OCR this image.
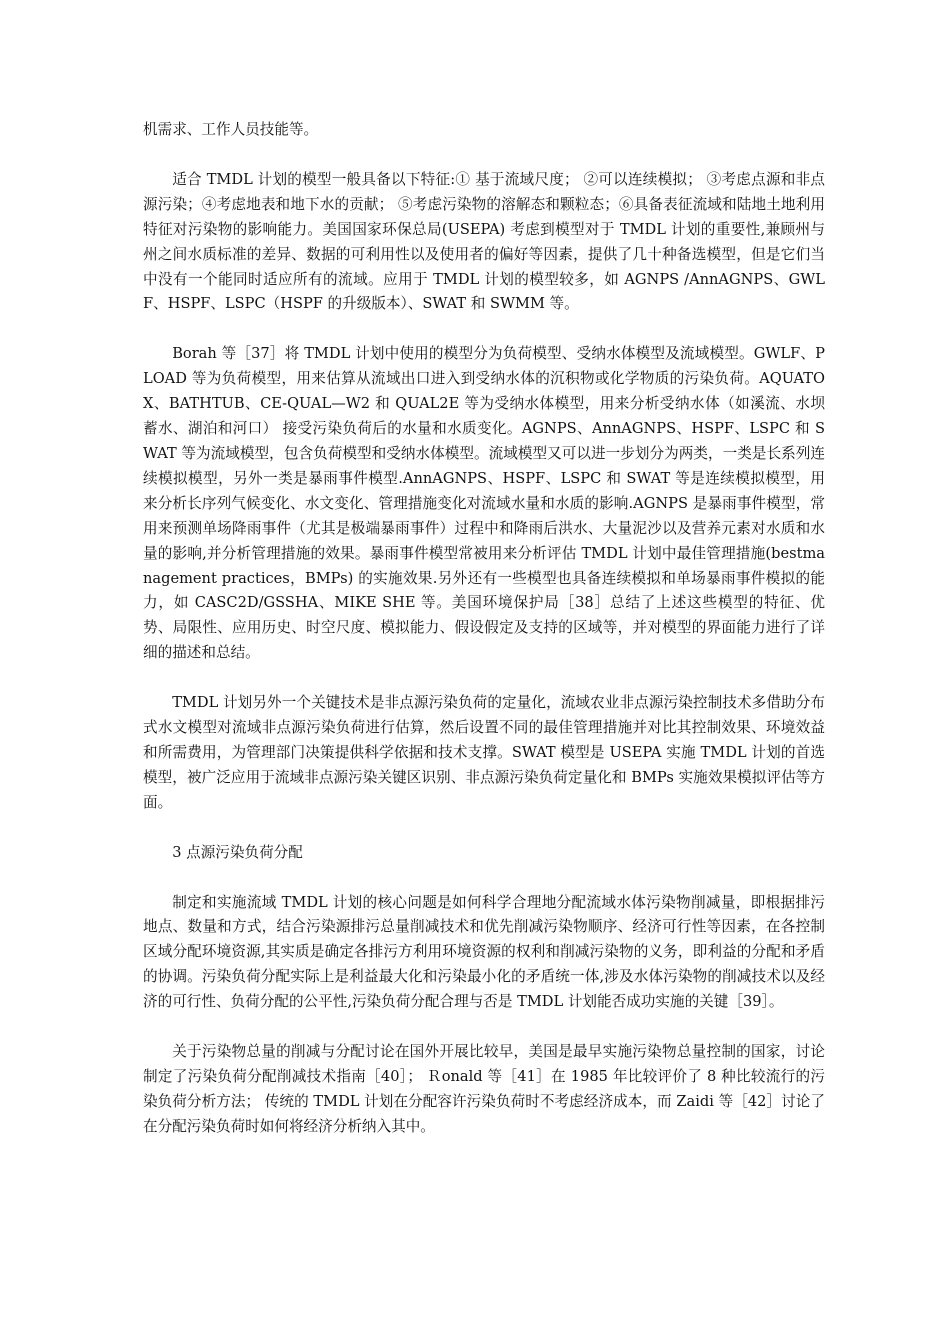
机需求、工作人员技能等。

适合 TMDL 计划的模型一般具备以下特征:① 基于流域尺度； ②可以连续模拟； ③考虑点源和非点源污染；④考虑地表和地下水的贡献； ⑤考虑污染物的溶解态和颗粒态；⑥具备表征流域和陆地土地利用特征对污染物的影响能力。美国国家环保总局(USEPA) 考虑到模型对于 TMDL 计划的重要性,兼顾州与州之间水质标准的差异、数据的可利用性以及使用者的偏好等因素，提供了几十种备选模型，但是它们当中没有一个能同时适应所有的流域。应用于 TMDL 计划的模型较多，如 AGNPS /AnnAGNPS、GWLF、HSPF、LSPC（HSPF 的升级版本）、SWAT 和 SWMM 等。

Borah 等［37］将 TMDL 计划中使用的模型分为负荷模型、受纳水体模型及流域模型。GWLF、PLOAD 等为负荷模型，用来估算从流域出口进入到受纳水体的沉积物或化学物质的污染负荷。AQUATOX、BATHTUB、CE-QUAL—W2 和 QUAL2E 等为受纳水体模型，用来分析受纳水体（如溪流、水坝蓄水、湖泊和河口） 接受污染负荷后的水量和水质变化。AGNPS、AnnAGNPS、HSPF、LSPC 和 SWAT 等为流域模型，包含负荷模型和受纳水体模型。流域模型又可以进一步划分为两类，一类是长系列连续模拟模型，另外一类是暴雨事件模型.AnnAGNPS、HSPF、LSPC 和 SWAT 等是连续模拟模型，用来分析长序列气候变化、水文变化、管理措施变化对流域水量和水质的影响.AGNPS 是暴雨事件模型，常用来预测单场降雨事件（尤其是极端暴雨事件）过程中和降雨后洪水、大量泥沙以及营养元素对水质和水量的影响,并分析管理措施的效果。暴雨事件模型常被用来分析评估 TMDL 计划中最佳管理措施(bestmanagement practices，BMPs) 的实施效果.另外还有一些模型也具备连续模拟和单场暴雨事件模拟的能力，如 CASC2D/GSSHA、MIKE SHE 等。美国环境保护局［38］总结了上述这些模型的特征、优势、局限性、应用历史、时空尺度、模拟能力、假设假定及支持的区域等，并对模型的界面能力进行了详细的描述和总结。

TMDL 计划另外一个关键技术是非点源污染负荷的定量化，流域农业非点源污染控制技术多借助分布式水文模型对流域非点源污染负荷进行估算，然后设置不同的最佳管理措施并对比其控制效果、环境效益和所需费用，为管理部门决策提供科学依据和技术支撑。SWAT 模型是 USEPA 实施 TMDL 计划的首选模型，被广泛应用于流域非点源污染关键区识别、非点源污染负荷定量化和 BMPs 实施效果模拟评估等方面。

3 点源污染负荷分配

制定和实施流域 TMDL 计划的核心问题是如何科学合理地分配流域水体污染物削减量，即根据排污地点、数量和方式，结合污染源排污总量削减技术和优先削减污染物顺序、经济可行性等因素，在各控制区域分配环境资源,其实质是确定各排污方利用环境资源的权利和削减污染物的义务，即利益的分配和矛盾的协调。污染负荷分配实际上是利益最大化和污染最小化的矛盾统一体,涉及水体污染物的削减技术以及经济的可行性、负荷分配的公平性,污染负荷分配合理与否是 TMDL 计划能否成功实施的关键［39］。

关于污染物总量的削减与分配讨论在国外开展比较早，美国是最早实施污染物总量控制的国家，讨论制定了污染负荷分配削减技术指南［40］； Ｒonald 等［41］在 1985 年比较评价了 8 种比较流行的污染负荷分析方法； 传统的 TMDL 计划在分配容许污染负荷时不考虑经济成本，而 Zaidi 等［42］讨论了在分配污染负荷时如何将经济分析纳入其中。
